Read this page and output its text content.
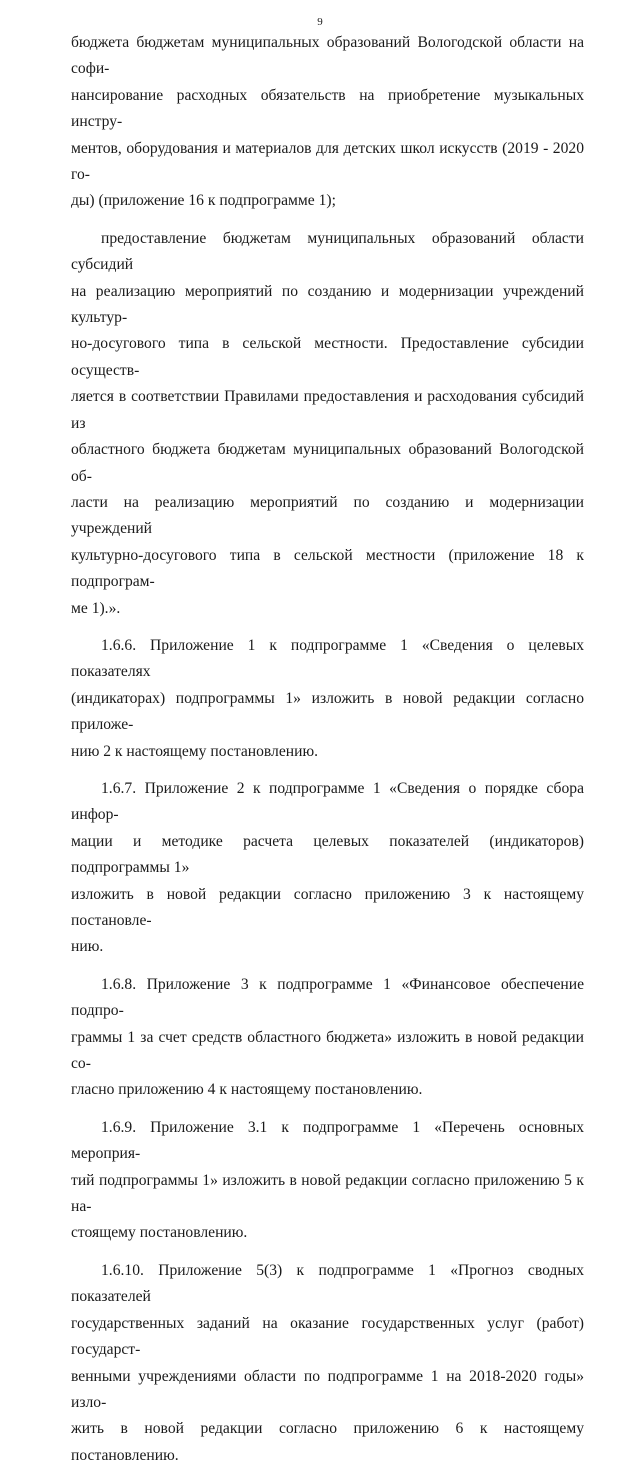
9

бюджета бюджетам муниципальных образований Вологодской области на софи-
нансирование расходных обязательств на приобретение музыкальных инстру-
ментов, оборудования и материалов для детских школ искусств (2019 - 2020 го-
ды) (приложение 16 к подпрограмме 1);

предоставление бюджетам муниципальных образований области субсидий
на реализацию мероприятий по созданию и модернизации учреждений культур-
но-досугового типа в сельской местности. Предоставление субсидии осуществ-
ляется в соответствии Правилами предоставления и расходования субсидий из
областного бюджета бюджетам муниципальных образований Вологодской об-
ласти на реализацию мероприятий по созданию и модернизации учреждений
культурно-досугового типа в сельской местности (приложение 18 к подпрограм-
ме 1).».

1.6.6. Приложение 1 к подпрограмме 1 «Сведения о целевых показателях
(индикаторах) подпрограммы 1» изложить в новой редакции согласно приложе-
нию 2 к настоящему постановлению.

1.6.7. Приложение 2 к подпрограмме 1 «Сведения о порядке сбора инфор-
мации и методике расчета целевых показателей (индикаторов) подпрограммы 1»
изложить в новой редакции согласно приложению 3 к настоящему постановле-
нию.

1.6.8. Приложение 3 к подпрограмме 1 «Финансовое обеспечение подпро-
граммы 1 за счет средств областного бюджета» изложить в новой редакции со-
гласно приложению 4 к настоящему постановлению.

1.6.9. Приложение 3.1 к подпрограмме 1 «Перечень основных мероприя-
тий подпрограммы 1» изложить в новой редакции согласно приложению 5 к на-
стоящему постановлению.

1.6.10. Приложение 5(3) к подпрограмме 1 «Прогноз сводных показателей
государственных заданий на оказание государственных услуг (работ) государст-
венными учреждениями области по подпрограмме 1 на 2018-2020 годы» изло-
жить в новой редакции согласно приложению 6 к настоящему постановлению.
